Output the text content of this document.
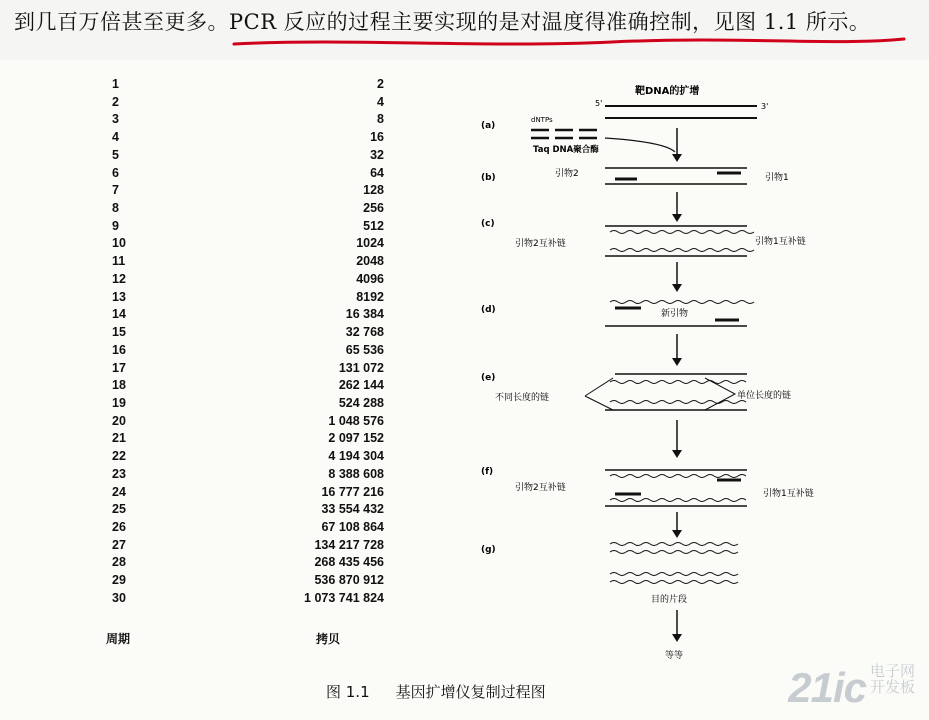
到几百万倍甚至更多。PCR 反应的过程主要实现的是对温度得准确控制，见图 1.1 所示。
1	2
2	4
3	8
4	16
5	32
6	64
7	128
8	256
9	512
10	1024
11	2048
12	4096
13	8192
14	16 384
15	32 768
16	65 536
17	131 072
18	262 144
19	524 288
20	1 048 576
21	2 097 152
22	4 194 304
23	8 388 608
24	16 777 216
25	33 554 432
26	67 108 864
27	134 217 728
28	268 435 456
29	536 870 912
30	1 073 741 824
周期	拷贝
靶DNA的扩增
(a)
5'	3'
dNTPs
Taq DNA聚合酶
(b)	引物2	引物1
(c)
引物2互补链	引物1互补链
(d)	新引物
(e)
不同长度的链	单位长度的链
(f)
引物2互补链
引物1互补链
(g)
目的片段
等等
图 1.1 基因扩增仪复制过程图	21ic 电子网
开发板
